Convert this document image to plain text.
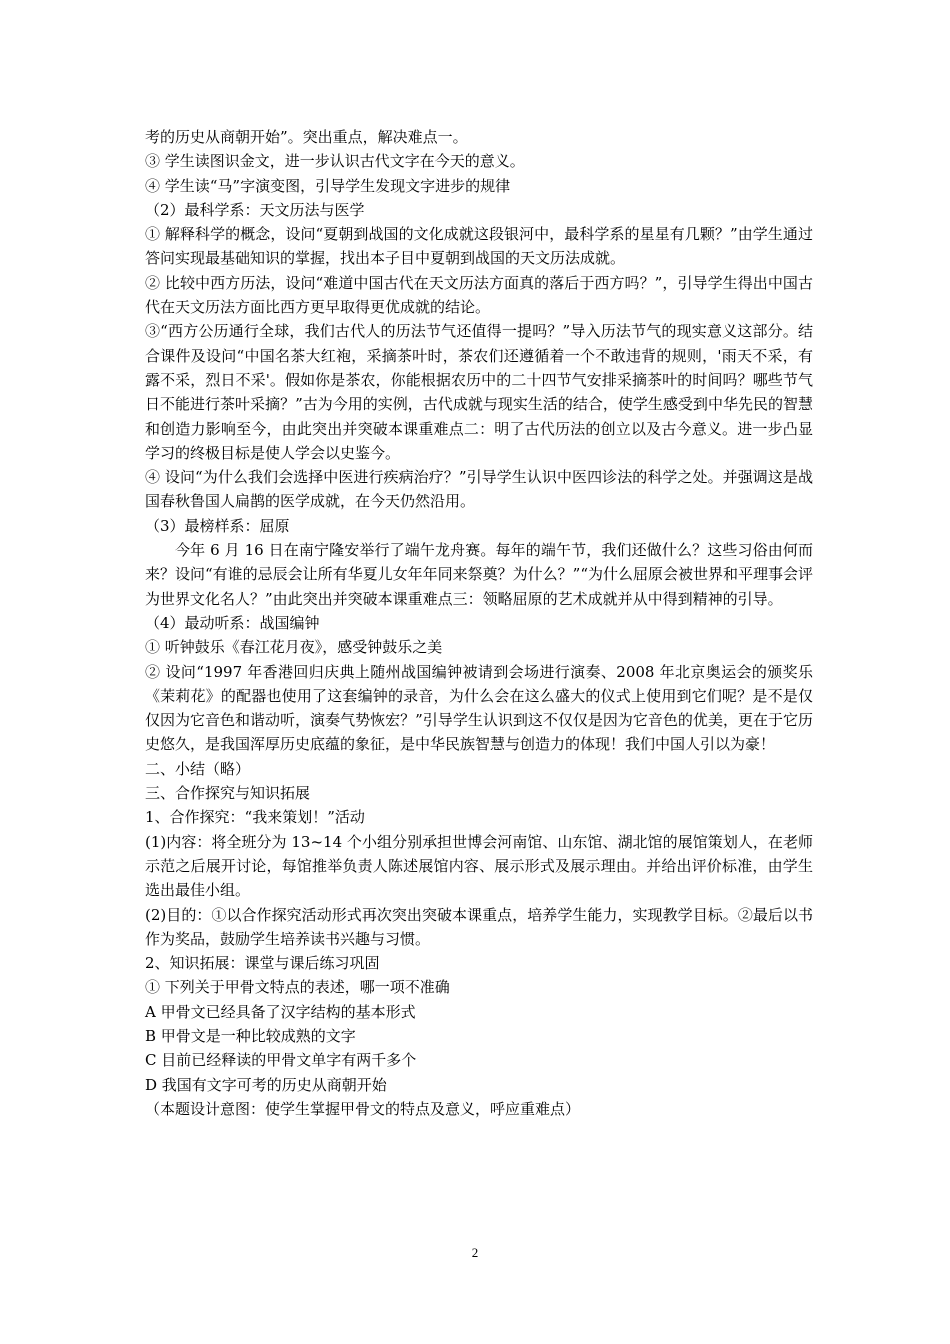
考的历史从商朝开始”。突出重点，解决难点一。

③ 学生读图识金文，进一步认识古代文字在今天的意义。

④ 学生读“马”字演变图，引导学生发现文字进步的规律

（2）最科学系：天文历法与医学

① 解释科学的概念，设问“夏朝到战国的文化成就这段银河中，最科学系的星星有几颗？”由学生通过答问实现最基础知识的掌握，找出本子目中夏朝到战国的天文历法成就。

② 比较中西方历法，设问“难道中国古代在天文历法方面真的落后于西方吗？”，引导学生得出中国古代在天文历法方面比西方更早取得更优成就的结论。

③“西方公历通行全球，我们古代人的历法节气还值得一提吗？”导入历法节气的现实意义这部分。结合课件及设问“中国名茶大红袍，采摘茶叶时，茶农们还遵循着一个不敢违背的规则，'雨天不采，有露不采，烈日不采'。假如你是茶农，你能根据农历中的二十四节气安排采摘茶叶的时间吗？哪些节气日不能进行茶叶采摘？”古为今用的实例，古代成就与现实生活的结合，使学生感受到中华先民的智慧和创造力影响至今，由此突出并突破本课重难点二：明了古代历法的创立以及古今意义。进一步凸显学习的终极目标是使人学会以史鉴今。

④ 设问“为什么我们会选择中医进行疾病治疗？”引导学生认识中医四诊法的科学之处。并强调这是战国春秋鲁国人扁鹊的医学成就，在今天仍然沿用。

（3）最榜样系：屈原

今年 6 月 16 日在南宁隆安举行了端午龙舟赛。每年的端午节，我们还做什么？这些习俗由何而来？设问“有谁的忌辰会让所有华夏儿女年年同来祭奠？为什么？”“为什么屈原会被世界和平理事会评为世界文化名人？”由此突出并突破本课重难点三：领略屈原的艺术成就并从中得到精神的引导。

（4）最动听系：战国编钟

① 听钟鼓乐《春江花月夜》，感受钟鼓乐之美

② 设问“1997 年香港回归庆典上随州战国编钟被请到会场进行演奏、2008 年北京奥运会的颁奖乐《茉莉花》的配器也使用了这套编钟的录音，为什么会在这么盛大的仪式上使用到它们呢？是不是仅仅因为它音色和谐动听，演奏气势恢宏？”引导学生认识到这不仅仅是因为它音色的优美，更在于它历史悠久，是我国浑厚历史底蕴的象征，是中华民族智慧与创造力的体现！我们中国人引以为豪！

二、小结（略）

三、合作探究与知识拓展

1、合作探究：“我来策划！”活动

(1)内容：将全班分为 13~14 个小组分别承担世博会河南馆、山东馆、湖北馆的展馆策划人，在老师示范之后展开讨论，每馆推举负责人陈述展馆内容、展示形式及展示理由。并给出评价标准，由学生选出最佳小组。

(2)目的：①以合作探究活动形式再次突出突破本课重点，培养学生能力，实现教学目标。②最后以书作为奖品，鼓励学生培养读书兴趣与习惯。

2、知识拓展：课堂与课后练习巩固

① 下列关于甲骨文特点的表述，哪一项不准确

A 甲骨文已经具备了汉字结构的基本形式

B 甲骨文是一种比较成熟的文字

C 目前已经释读的甲骨文单字有两千多个

D 我国有文字可考的历史从商朝开始

（本题设计意图：使学生掌握甲骨文的特点及意义，呼应重难点）

2
